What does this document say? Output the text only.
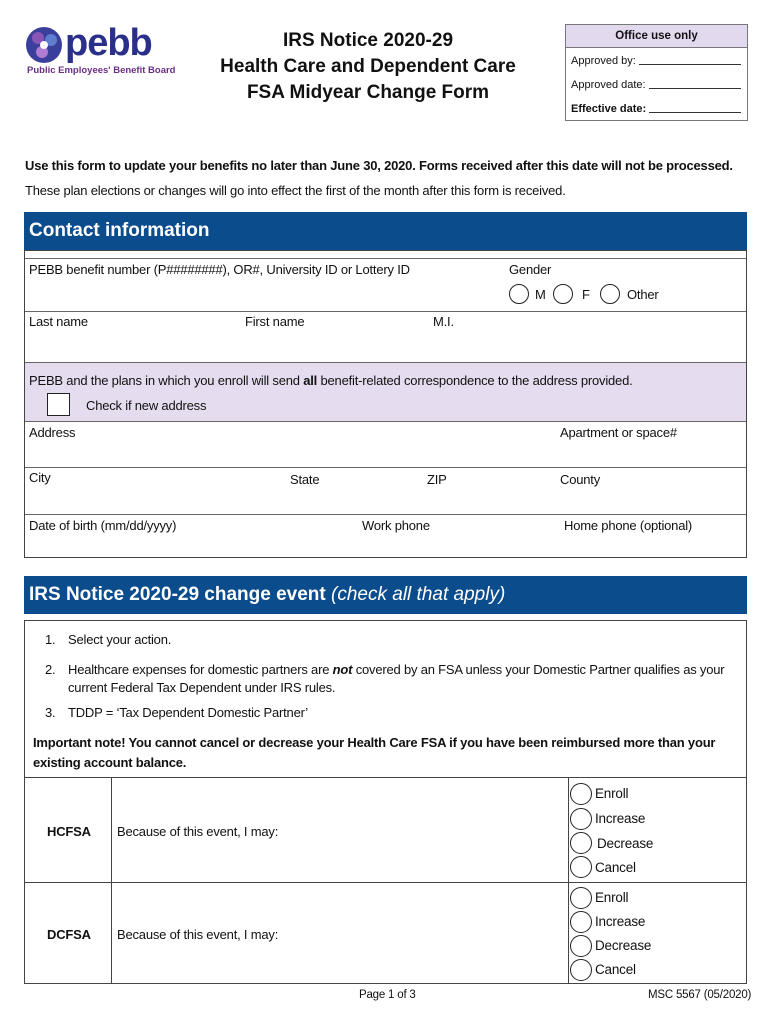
pebb
Public Employees' Benefit Board
IRS Notice 2020-29
Health Care and Dependent Care
FSA Midyear Change Form
Office use only
Approved by:
Approved date:
Effective date:
Use this form to update your benefits no later than June 30, 2020. Forms received after this date will not be processed.
These plan elections or changes will go into effect the first of the month after this form is received.
Contact information
PEBB benefit number (P########), OR#, University ID or Lottery ID	Gender
M	F	Other
Last name	First name	M.I.
PEBB and the plans in which you enroll will send all benefit-related correspondence to the address provided.
Check if new address
Address	Apartment or space#
City	State	ZIP	County
Date of birth (mm/dd/yyyy)	Work phone	Home phone (optional)
IRS Notice 2020-29 change event (check all that apply)
1. Select your action.
2. Healthcare expenses for domestic partners are not covered by an FSA unless your Domestic Partner qualifies as your
current Federal Tax Dependent under IRS rules.
3. TDDP = ‘Tax Dependent Domestic Partner’
Important note! You cannot cancel or decrease your Health Care FSA if you have been reimbursed more than your
existing account balance.
HCFSA Because of this event, I may:
Enroll
Increase
Decrease
Cancel
DCFSA Because of this event, I may:
Enroll
Increase
Decrease
Cancel
Page 1 of 3	MSC 5567 (05/2020)
